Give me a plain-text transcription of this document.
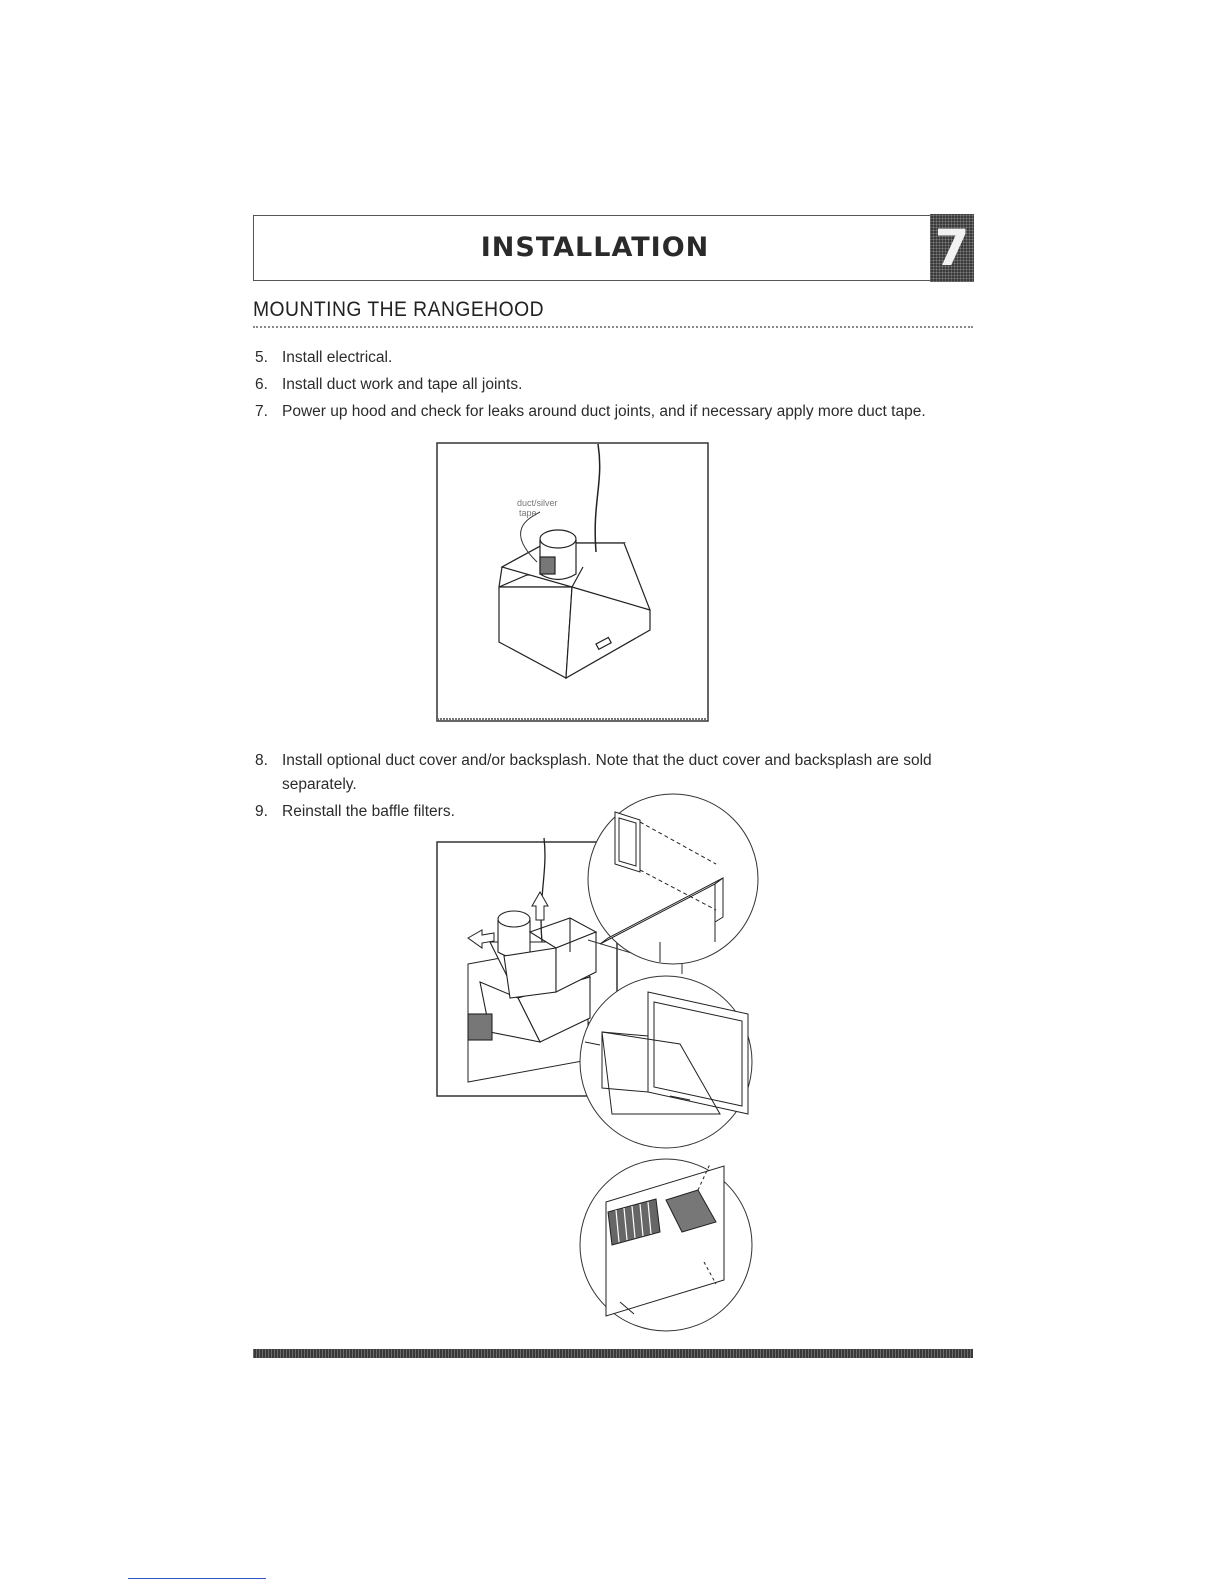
INSTALLATION	7
MOUNTING THE RANGEHOOD
5. Install electrical.
6. Install duct work and tape all joints.
7. Power up hood and check for leaks around duct joints, and if necessary apply more duct tape.
duct/silver
tape
8. Install optional duct cover and/or backsplash. Note that the duct cover and backsplash are sold separately.
9. Reinstall the baffle filters.
